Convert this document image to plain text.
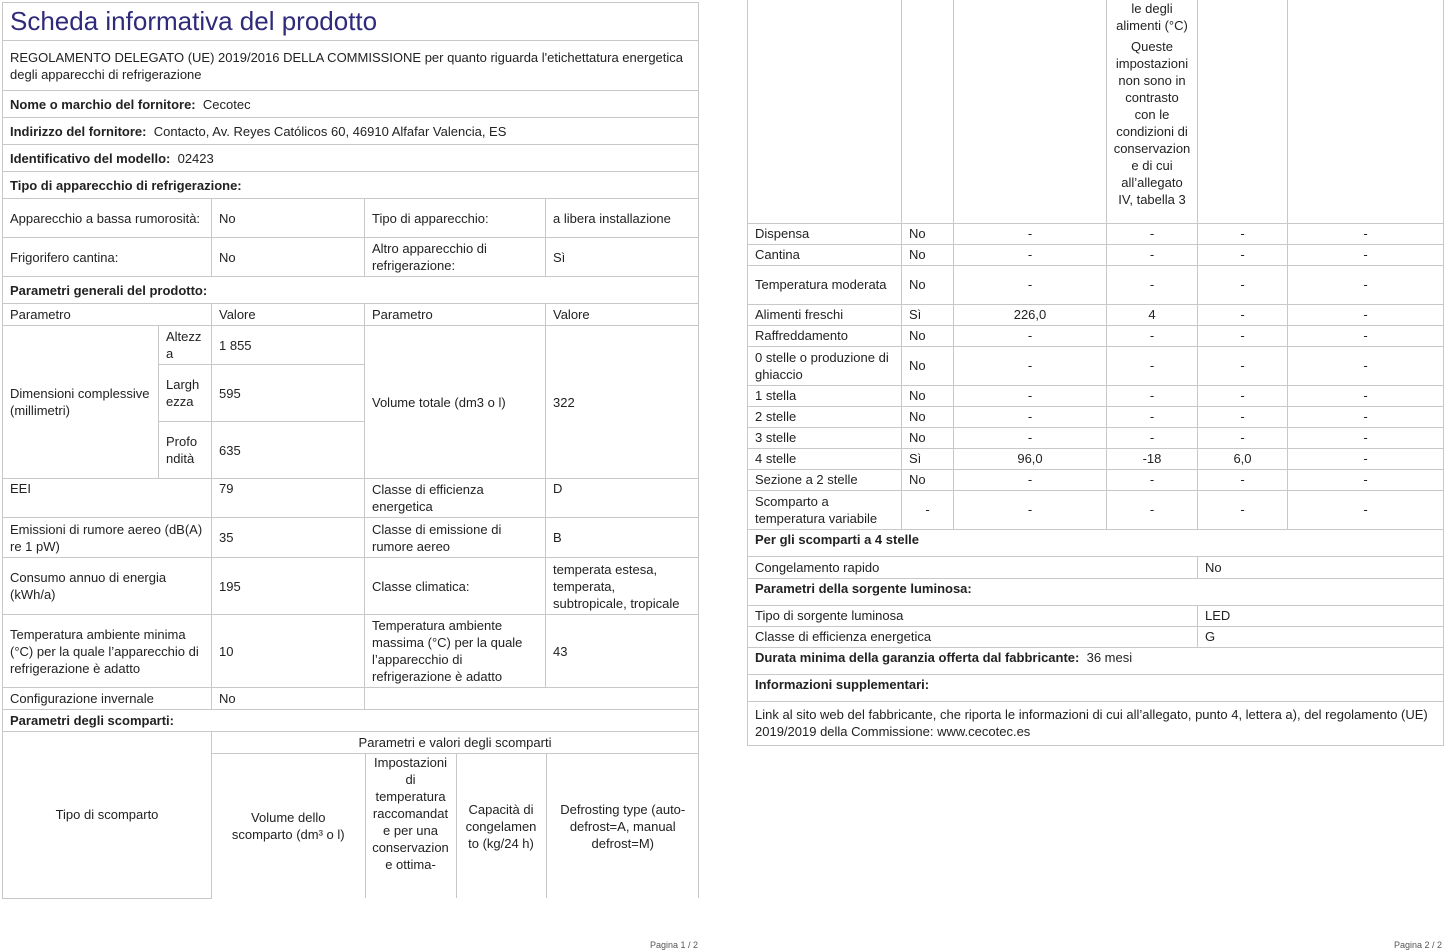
Scheda informativa del prodotto
REGOLAMENTO DELEGATO (UE) 2019/2016 DELLA COMMISSIONE per quanto riguarda l'etichettatura energetica degli apparecchi di refrigerazione
Nome o marchio del fornitore: Cecotec
Indirizzo del fornitore: Contacto, Av. Reyes Católicos 60, 46910 Alfafar Valencia, ES
Identificativo del modello: 02423
Tipo di apparecchio di refrigerazione:
Apparecchio a bassa rumorosità:	No	Tipo di apparecchio:	a libera installazione
Frigorifero cantina:	No	Altro apparecchio di refrigerazione:	Sì
Parametri generali del prodotto:
Parametro	Valore	Parametro	Valore
Dimensioni complessive (millimetri)	Altezza	1 855	Volume totale (dm3 o l)	322
Larghezza	595
Profondità	635
EEI	79	Classe di efficienza energetica	D
Emissioni di rumore aereo (dB(A) re 1 pW)	35	Classe di emissione di rumore aereo	B
Consumo annuo di energia (kWh/a)	195	Classe climatica:	temperata estesa, temperata, subtropicale, tropicale
Temperatura ambiente minima (°C) per la quale l’apparecchio di refrigerazione è adatto	10	Temperatura ambiente massima (°C) per la quale l’apparecchio di refrigerazione è adatto	43
Configurazione invernale	No	
Parametri degli scomparti:
Tipo di scomparto	Parametri e valori degli scomparti

Volume dello scomparto (dm³ o l)	Impostazioni di temperatura raccomandate per una conservazione ottima-	Capacità di congelamento (kg/24 h)	Defrosting type (auto-defrost=A, manual defrost=M)
Pagina 1 / 2

			le degli alimenti (°C)
Queste impostazioni non sono in contrasto con le condizioni di conservazione di cui all’allegato IV, tabella 3		

Dispensa	No	-	-	-	-
Cantina	No	-	-	-	-
Temperatura moderata	No	-	-	-	-
Alimenti freschi	Sì	226,0	4	-	-
Raffreddamento	No	-	-	-	-
0 stelle o produzione di ghiaccio	No	-	-	-	-
1 stella	No	-	-	-	-
2 stelle	No	-	-	-	-
3 stelle	No	-	-	-	-
4 stelle	Sì	96,0	-18	6,0	-
Sezione a 2 stelle	No	-	-	-	-
Scomparto a temperatura variabile	-	-	-	-	-
Per gli scomparti a 4 stelle					
Congelamento rapido				No	
Parametri della sorgente luminosa:					
Tipo di sorgente luminosa				LED	
Classe di efficienza energetica				G	
Durata minima della garanzia offerta dal fabbricante: 36 mesi					
Informazioni supplementari:					
Link al sito web del fabbricante, che riporta le informazioni di cui all’allegato, punto 4, lettera a), del regolamento (UE) 2019/2019 della Commissione: www.cecotec.es					
Pagina 2 / 2
